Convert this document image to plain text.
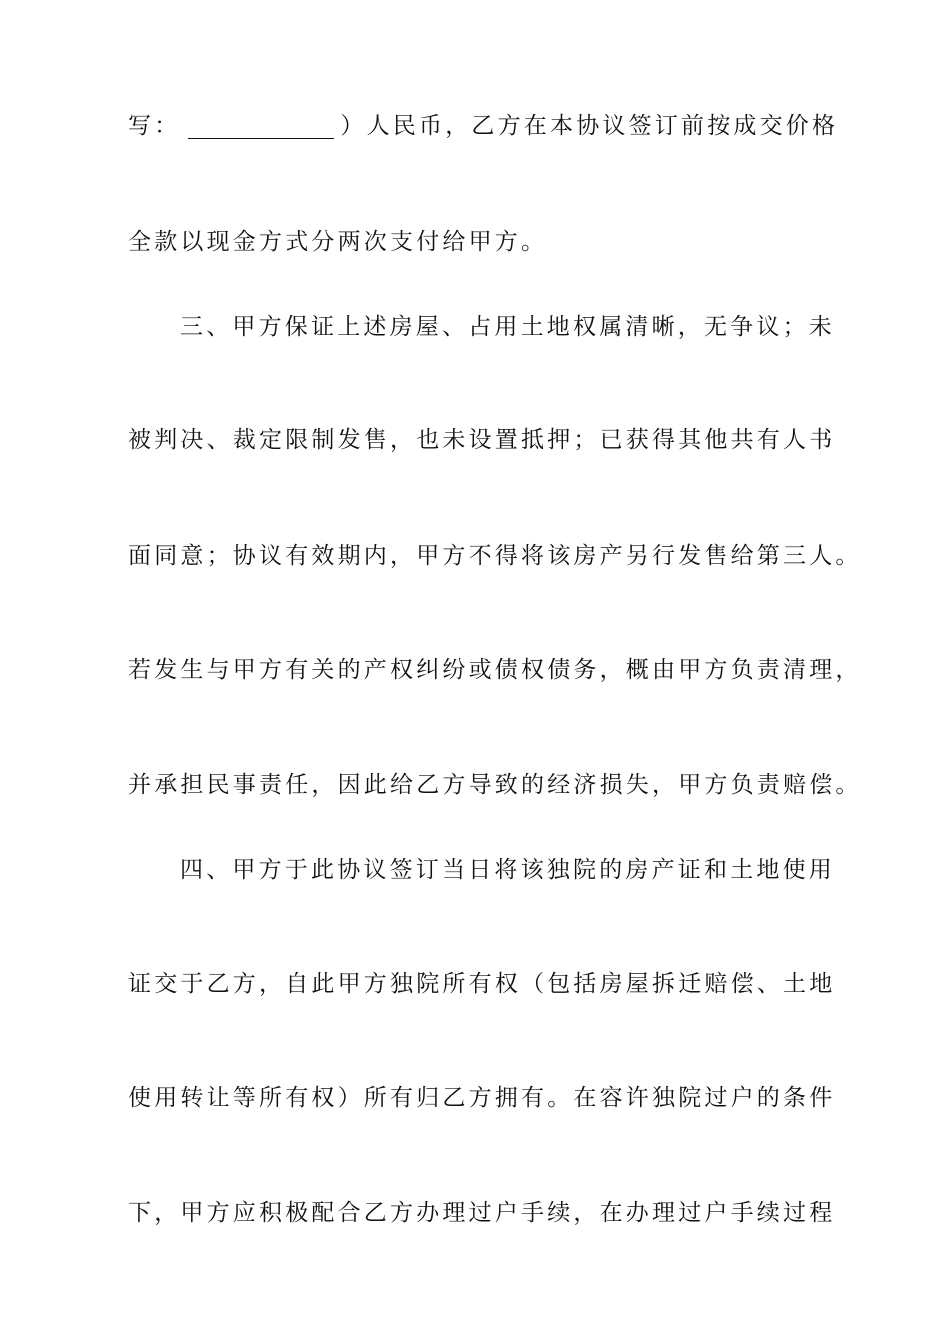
写：	）人民币，乙方在本协议签订前按成交价格
全款以现金方式分两次支付给甲方。
三、甲方保证上述房屋、占用土地权属清晰，无争议；未
被判决、裁定限制发售，也未设置抵押；已获得其他共有人书
面同意；协议有效期内，甲方不得将该房产另行发售给第三人。
若发生与甲方有关的产权纠纷或债权债务，概由甲方负责清理，
并承担民事责任，因此给乙方导致的经济损失，甲方负责赔偿。
四、甲方于此协议签订当日将该独院的房产证和土地使用
证交于乙方，自此甲方独院所有权（包括房屋拆迁赔偿、土地
使用转让等所有权）所有归乙方拥有。在容许独院过户的条件
下，甲方应积极配合乙方办理过户手续，在办理过户手续过程
